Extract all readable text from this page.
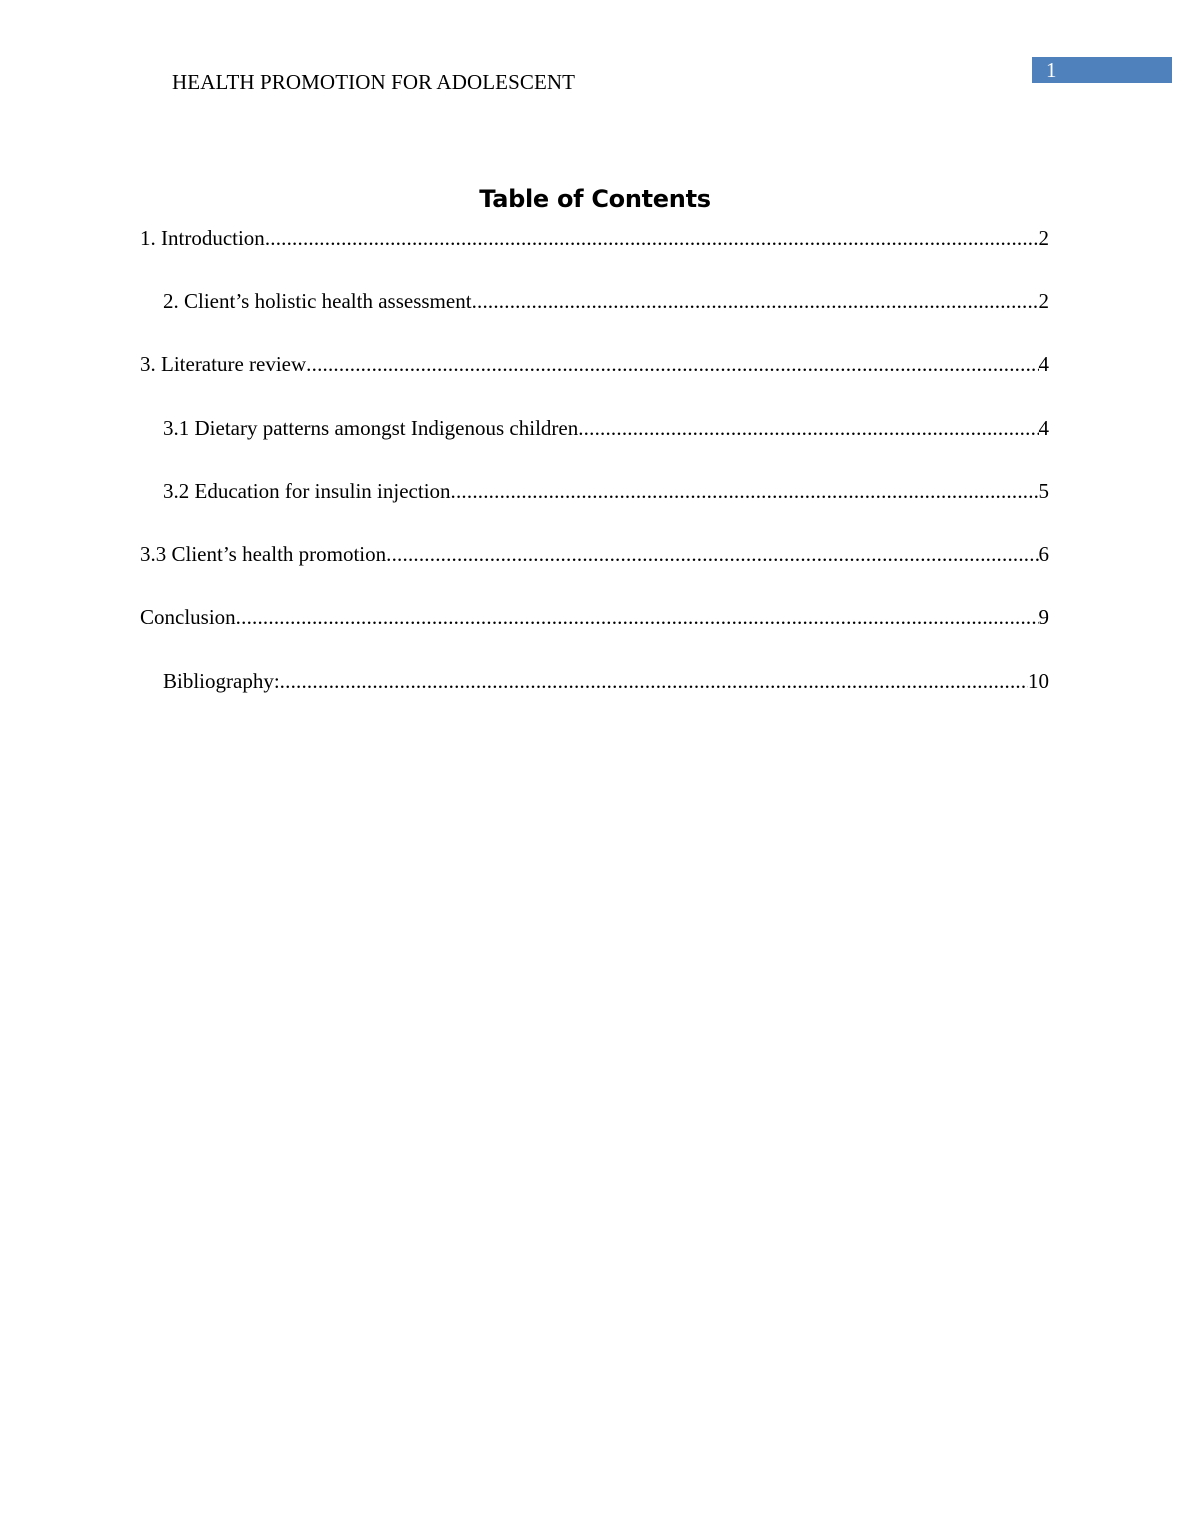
HEALTH PROMOTION FOR ADOLESCENT	1
Table of Contents
1. Introduction .....	2
2. Client’s holistic health assessment .....	2
3. Literature review .....	4
3.1 Dietary patterns amongst Indigenous children .....	4
3.2 Education for insulin injection .....	5
3.3 Client’s health promotion .....	6
Conclusion .....	9
Bibliography: .....	10
